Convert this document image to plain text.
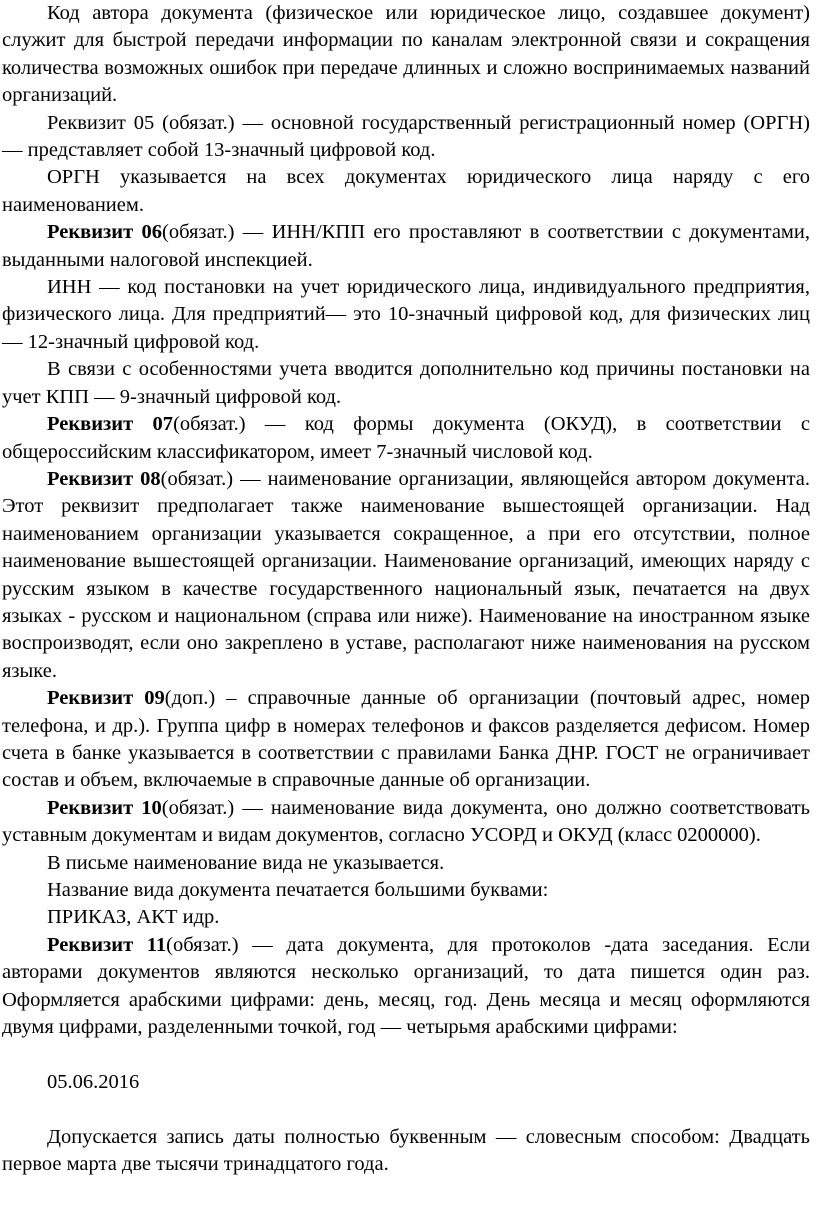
Код автора документа (физическое или юридическое лицо, создавшее документ) служит для быстрой передачи информации по каналам электронной связи и сокращения количества возможных ошибок при передаче длинных и сложно воспринимаемых названий организаций.

Реквизит 05 (обязат.) — основной государственный регистрационный номер (ОРГН) — представляет собой 13-значный цифровой код.

ОРГН указывается на всех документах юридического лица наряду с его наименованием.

Реквизит 06(обязат.) — ИНН/КПП его проставляют в соответствии с документами, выданными налоговой инспекцией.

ИНН — код постановки на учет юридического лица, индивидуального предприятия, физического лица. Для предприятий— это 10-значный цифровой код, для физических лиц — 12-значный цифровой код.

В связи с особенностями учета вводится дополнительно код причины постановки на учет КПП — 9-значный цифровой код.

Реквизит 07(обязат.) — код формы документа (ОКУД), в соответствии с общероссийским классификатором, имеет 7-значный числовой код.

Реквизит 08(обязат.) — наименование организации, являющейся автором документа. Этот реквизит предполагает также наименование вышестоящей организации. Над наименованием организации указывается сокращенное, а при его отсутствии, полное наименование вышестоящей организации. Наименование организаций, имеющих наряду с русским языком в качестве государственного национальный язык, печатается на двух языках - русском и национальном (справа или ниже). Наименование на иностранном языке воспроизводят, если оно закреплено в уставе, располагают ниже наименования на русском языке.

Реквизит 09(доп.) – справочные данные об организации (почтовый адрес, номер телефона, и др.). Группа цифр в номерах телефонов и факсов разделяется дефисом. Номер счета в банке указывается в соответствии с правилами Банка ДНР. ГОСТ не ограничивает состав и объем, включаемые в справочные данные об организации.

Реквизит 10(обязат.) — наименование вида документа, оно должно соответствовать уставным документам и видам документов, согласно УСОРД и ОКУД (класс 0200000).

В письме наименование вида не указывается.

Название вида документа печатается большими буквами:

ПРИКАЗ, АКТ идр.

Реквизит 11(обязат.) — дата документа, для протоколов -дата заседания. Если авторами документов являются несколько организаций, то дата пишется один раз. Оформляется арабскими цифрами: день, месяц, год. День месяца и месяц оформляются двумя цифрами, разделенными точкой, год — четырьмя арабскими цифрами:

05.06.2016

Допускается запись даты полностью буквенным — словесным способом: Двадцать первое марта две тысячи тринадцатого года.
